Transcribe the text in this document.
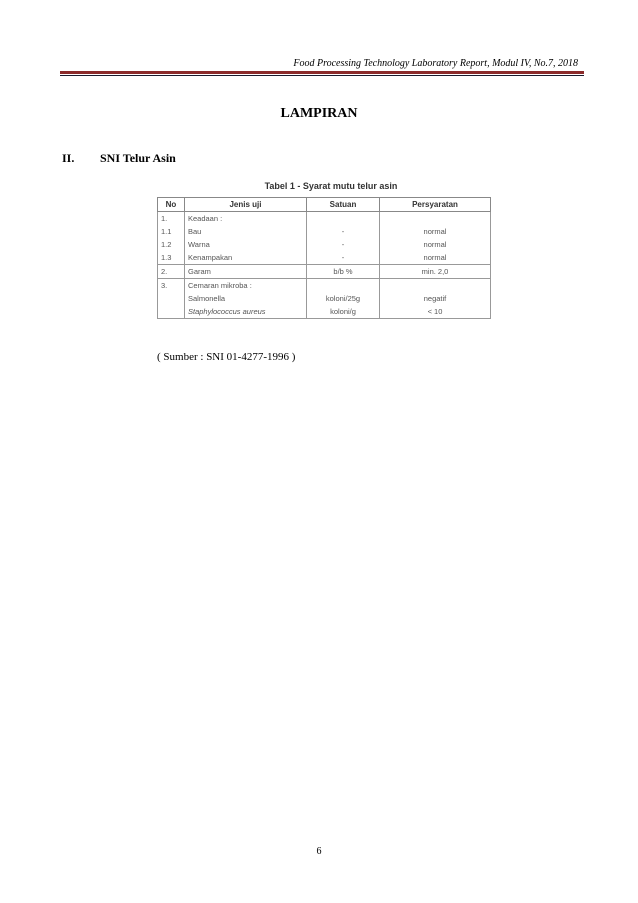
Food Processing Technology Laboratory Report, Modul IV, No.7, 2018
LAMPIRAN
II. SNI Telur Asin
Tabel 1 - Syarat mutu telur asin
No	Jenis uji	Satuan	Persyaratan
1.	Keadaan :		
1.1	Bau	-	normal
1.2	Warna	-	normal
1.3	Kenampakan	-	normal
2.	Garam	b/b %	min. 2,0
3.	Cemaran mikroba :		
	Salmonella	koloni/25g	negatif
	Staphylococcus aureus	koloni/g	< 10
( Sumber : SNI 01-4277-1996 )
6
